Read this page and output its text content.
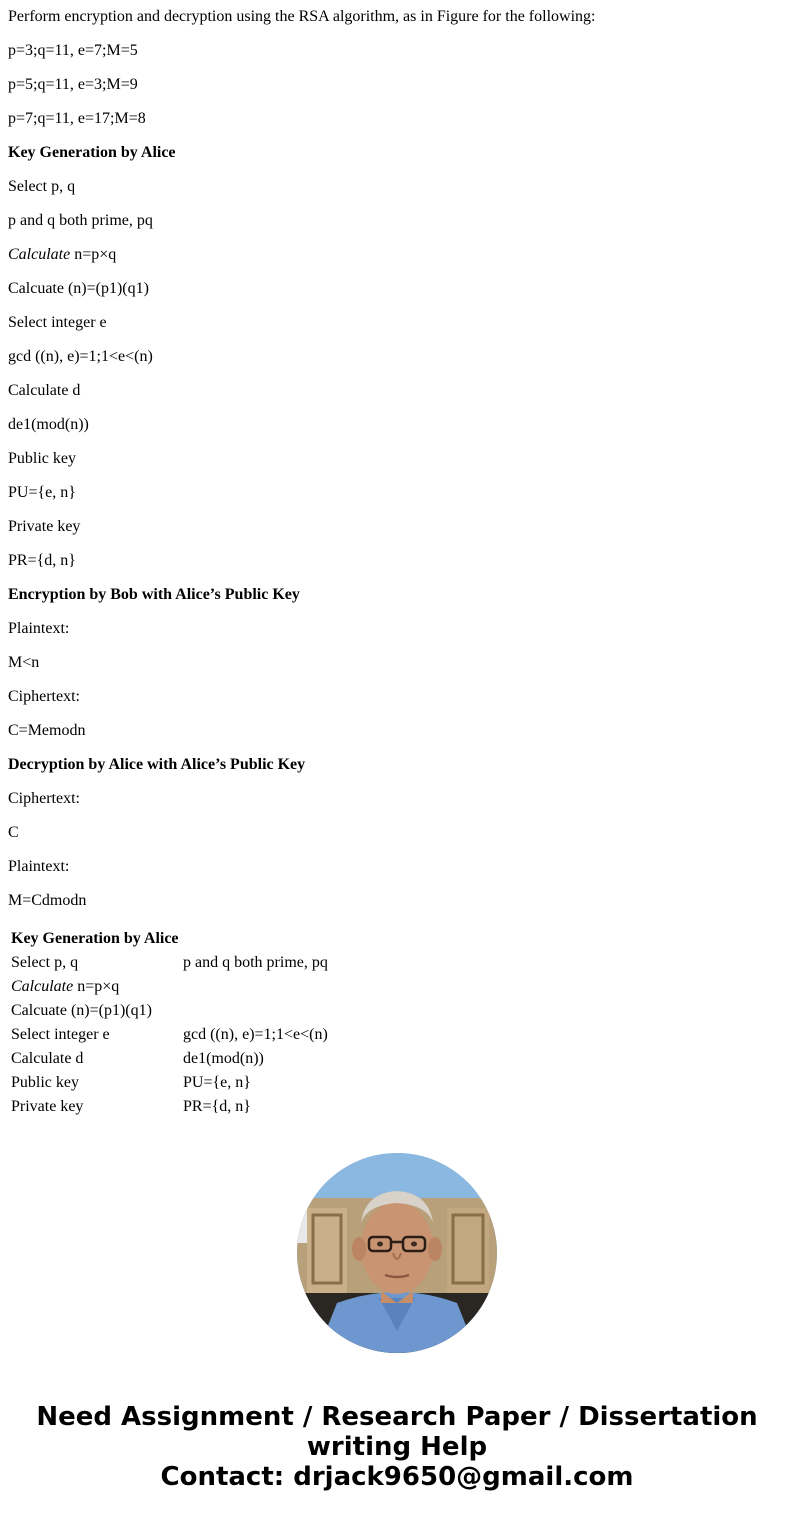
Perform encryption and decryption using the RSA algorithm, as in Figure for the following:

p=3;q=11, e=7;M=5

p=5;q=11, e=3;M=9

p=7;q=11, e=17;M=8

Key Generation by Alice

Select p, q

p and q both prime, pq

Calculate n=p×q

Calcuate (n)=(p1)(q1)

Select integer e

gcd ((n), e)=1;1<e<(n)

Calculate d

de1(mod(n))

Public key

PU={e, n}

Private key

PR={d, n}

Encryption by Bob with Alice’s Public Key

Plaintext:

M<n

Ciphertext:

C=Memodn

Decryption by Alice with Alice’s Public Key

Ciphertext:

C

Plaintext:

M=Cdmodn

Key Generation by Alice	
Select p, q	p and q both prime, pq
Calculate n=p×q	
Calcuate (n)=(p1)(q1)	
Select integer e	gcd ((n), e)=1;1<e<(n)
Calculate d	de1(mod(n))
Public key	PU={e, n}
Private key	PR={d, n}
Need Assignment / Research Paper / Dissertation
writing Help
Contact: drjack9650@gmail.com
